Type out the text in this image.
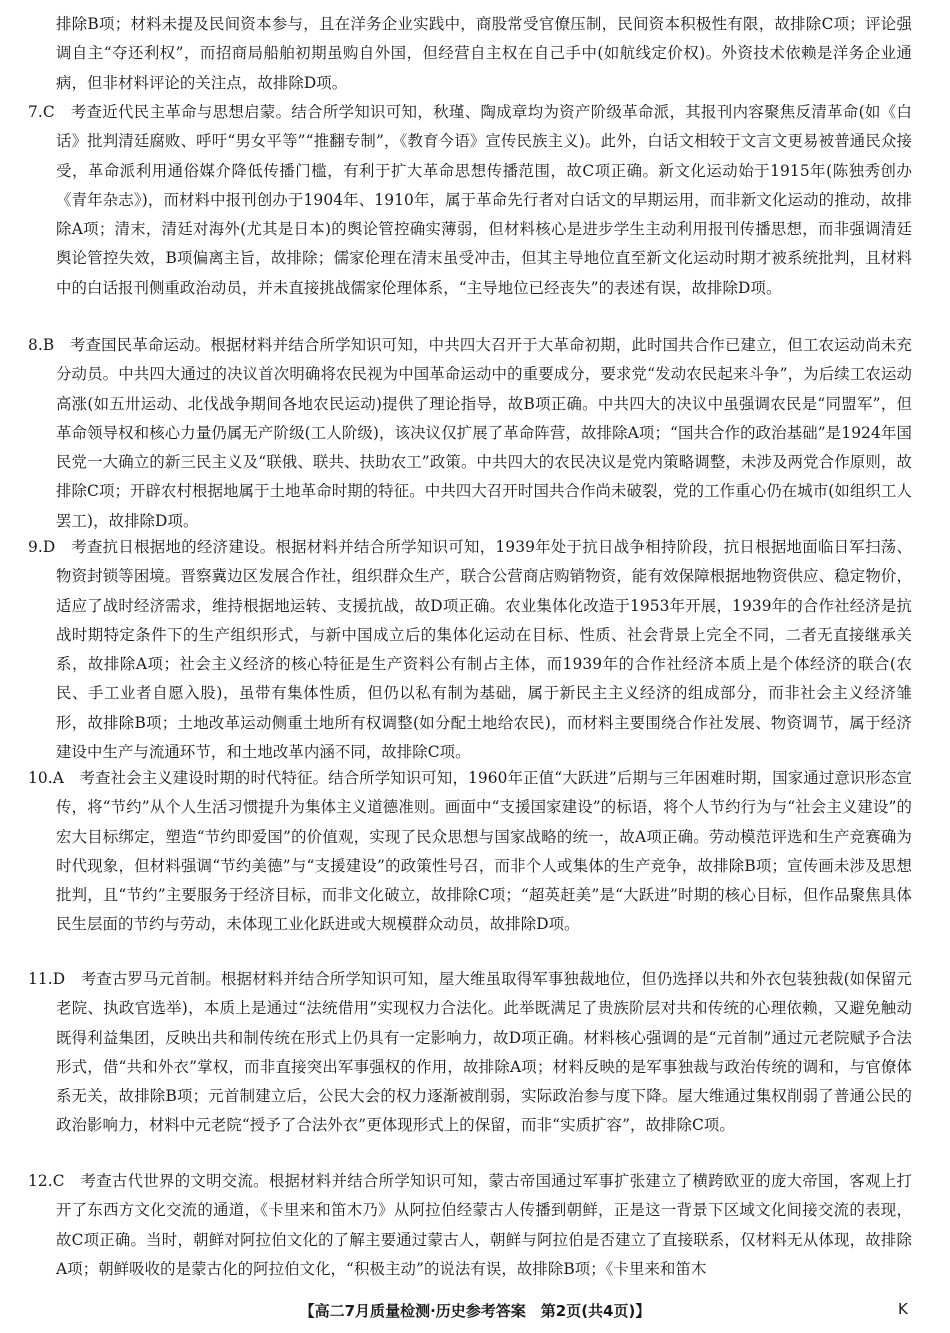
排除B项；材料未提及民间资本参与，且在洋务企业实践中，商股常受官僚压制，民间资本积极性有限，故排除C项；评论强调自主“夺还利权”，而招商局船舶初期虽购自外国，但经营自主权在自己手中(如航线定价权)。外资技术依赖是洋务企业通病，但非材料评论的关注点，故排除D项。

7.C　考查近代民主革命与思想启蒙。结合所学知识可知，秋瑾、陶成章均为资产阶级革命派，其报刊内容聚焦反清革命(如《白话》批判清廷腐败、呼吁“男女平等”“推翻专制”，《教育今语》宣传民族主义)。此外，白话文相较于文言文更易被普通民众接受，革命派利用通俗媒介降低传播门槛，有利于扩大革命思想传播范围，故C项正确。新文化运动始于1915年(陈独秀创办《青年杂志》)，而材料中报刊创办于1904年、1910年，属于革命先行者对白话文的早期运用，而非新文化运动的推动，故排除A项；清末，清廷对海外(尤其是日本)的舆论管控确实薄弱，但材料核心是进步学生主动利用报刊传播思想，而非强调清廷舆论管控失效，B项偏离主旨，故排除；儒家伦理在清末虽受冲击，但其主导地位直至新文化运动时期才被系统批判，且材料中的白话报刊侧重政治动员，并未直接挑战儒家伦理体系，“主导地位已经丧失”的表述有误，故排除D项。

8.B　考查国民革命运动。根据材料并结合所学知识可知，中共四大召开于大革命初期，此时国共合作已建立，但工农运动尚未充分动员。中共四大通过的决议首次明确将农民视为中国革命运动中的重要成分，要求党“发动农民起来斗争”，为后续工农运动高涨(如五卅运动、北伐战争期间各地农民运动)提供了理论指导，故B项正确。中共四大的决议中虽强调农民是“同盟军”，但革命领导权和核心力量仍属无产阶级(工人阶级)，该决议仅扩展了革命阵营，故排除A项；“国共合作的政治基础”是1924年国民党一大确立的新三民主义及“联俄、联共、扶助农工”政策。中共四大的农民决议是党内策略调整，未涉及两党合作原则，故排除C项；开辟农村根据地属于土地革命时期的特征。中共四大召开时国共合作尚未破裂，党的工作重心仍在城市(如组织工人罢工)，故排除D项。

9.D　考查抗日根据地的经济建设。根据材料并结合所学知识可知，1939年处于抗日战争相持阶段，抗日根据地面临日军扫荡、物资封锁等困境。晋察冀边区发展合作社，组织群众生产，联合公营商店购销物资，能有效保障根据地物资供应、稳定物价，适应了战时经济需求，维持根据地运转、支援抗战，故D项正确。农业集体化改造于1953年开展，1939年的合作社经济是抗战时期特定条件下的生产组织形式，与新中国成立后的集体化运动在目标、性质、社会背景上完全不同，二者无直接继承关系，故排除A项；社会主义经济的核心特征是生产资料公有制占主体，而1939年的合作社经济本质上是个体经济的联合(农民、手工业者自愿入股)，虽带有集体性质，但仍以私有制为基础，属于新民主主义经济的组成部分，而非社会主义经济雏形，故排除B项；土地改革运动侧重土地所有权调整(如分配土地给农民)，而材料主要围绕合作社发展、物资调节，属于经济建设中生产与流通环节，和土地改革内涵不同，故排除C项。

10.A　考查社会主义建设时期的时代特征。结合所学知识可知，1960年正值“大跃进”后期与三年困难时期，国家通过意识形态宣传，将“节约”从个人生活习惯提升为集体主义道德准则。画面中“支援国家建设”的标语，将个人节约行为与“社会主义建设”的宏大目标绑定，塑造“节约即爱国”的价值观，实现了民众思想与国家战略的统一，故A项正确。劳动模范评选和生产竞赛确为时代现象，但材料强调“节约美德”与“支援建设”的政策性号召，而非个人或集体的生产竞争，故排除B项；宣传画未涉及思想批判，且“节约”主要服务于经济目标，而非文化破立，故排除C项；“超英赶美”是“大跃进”时期的核心目标，但作品聚焦具体民生层面的节约与劳动，未体现工业化跃进或大规模群众动员，故排除D项。

11.D　考查古罗马元首制。根据材料并结合所学知识可知，屋大维虽取得军事独裁地位，但仍选择以共和外衣包装独裁(如保留元老院、执政官选举)，本质上是通过“法统借用”实现权力合法化。此举既满足了贵族阶层对共和传统的心理依赖，又避免触动既得利益集团，反映出共和制传统在形式上仍具有一定影响力，故D项正确。材料核心强调的是“元首制”通过元老院赋予合法形式，借“共和外衣”掌权，而非直接突出军事强权的作用，故排除A项；材料反映的是军事独裁与政治传统的调和，与官僚体系无关，故排除B项；元首制建立后，公民大会的权力逐渐被削弱，实际政治参与度下降。屋大维通过集权削弱了普通公民的政治影响力，材料中元老院“授予了合法外衣”更体现形式上的保留，而非“实质扩容”，故排除C项。

12.C　考查古代世界的文明交流。根据材料并结合所学知识可知，蒙古帝国通过军事扩张建立了横跨欧亚的庞大帝国，客观上打开了东西方文化交流的通道，《卡里来和笛木乃》从阿拉伯经蒙古人传播到朝鲜，正是这一背景下区域文化间接交流的表现，故C项正确。当时，朝鲜对阿拉伯文化的了解主要通过蒙古人，朝鲜与阿拉伯是否建立了直接联系，仅材料无从体现，故排除A项；朝鲜吸收的是蒙古化的阿拉伯文化，“积极主动”的说法有误，故排除B项；《卡里来和笛木

【高二7月质量检测·历史参考答案　第2页(共4页)】	K
